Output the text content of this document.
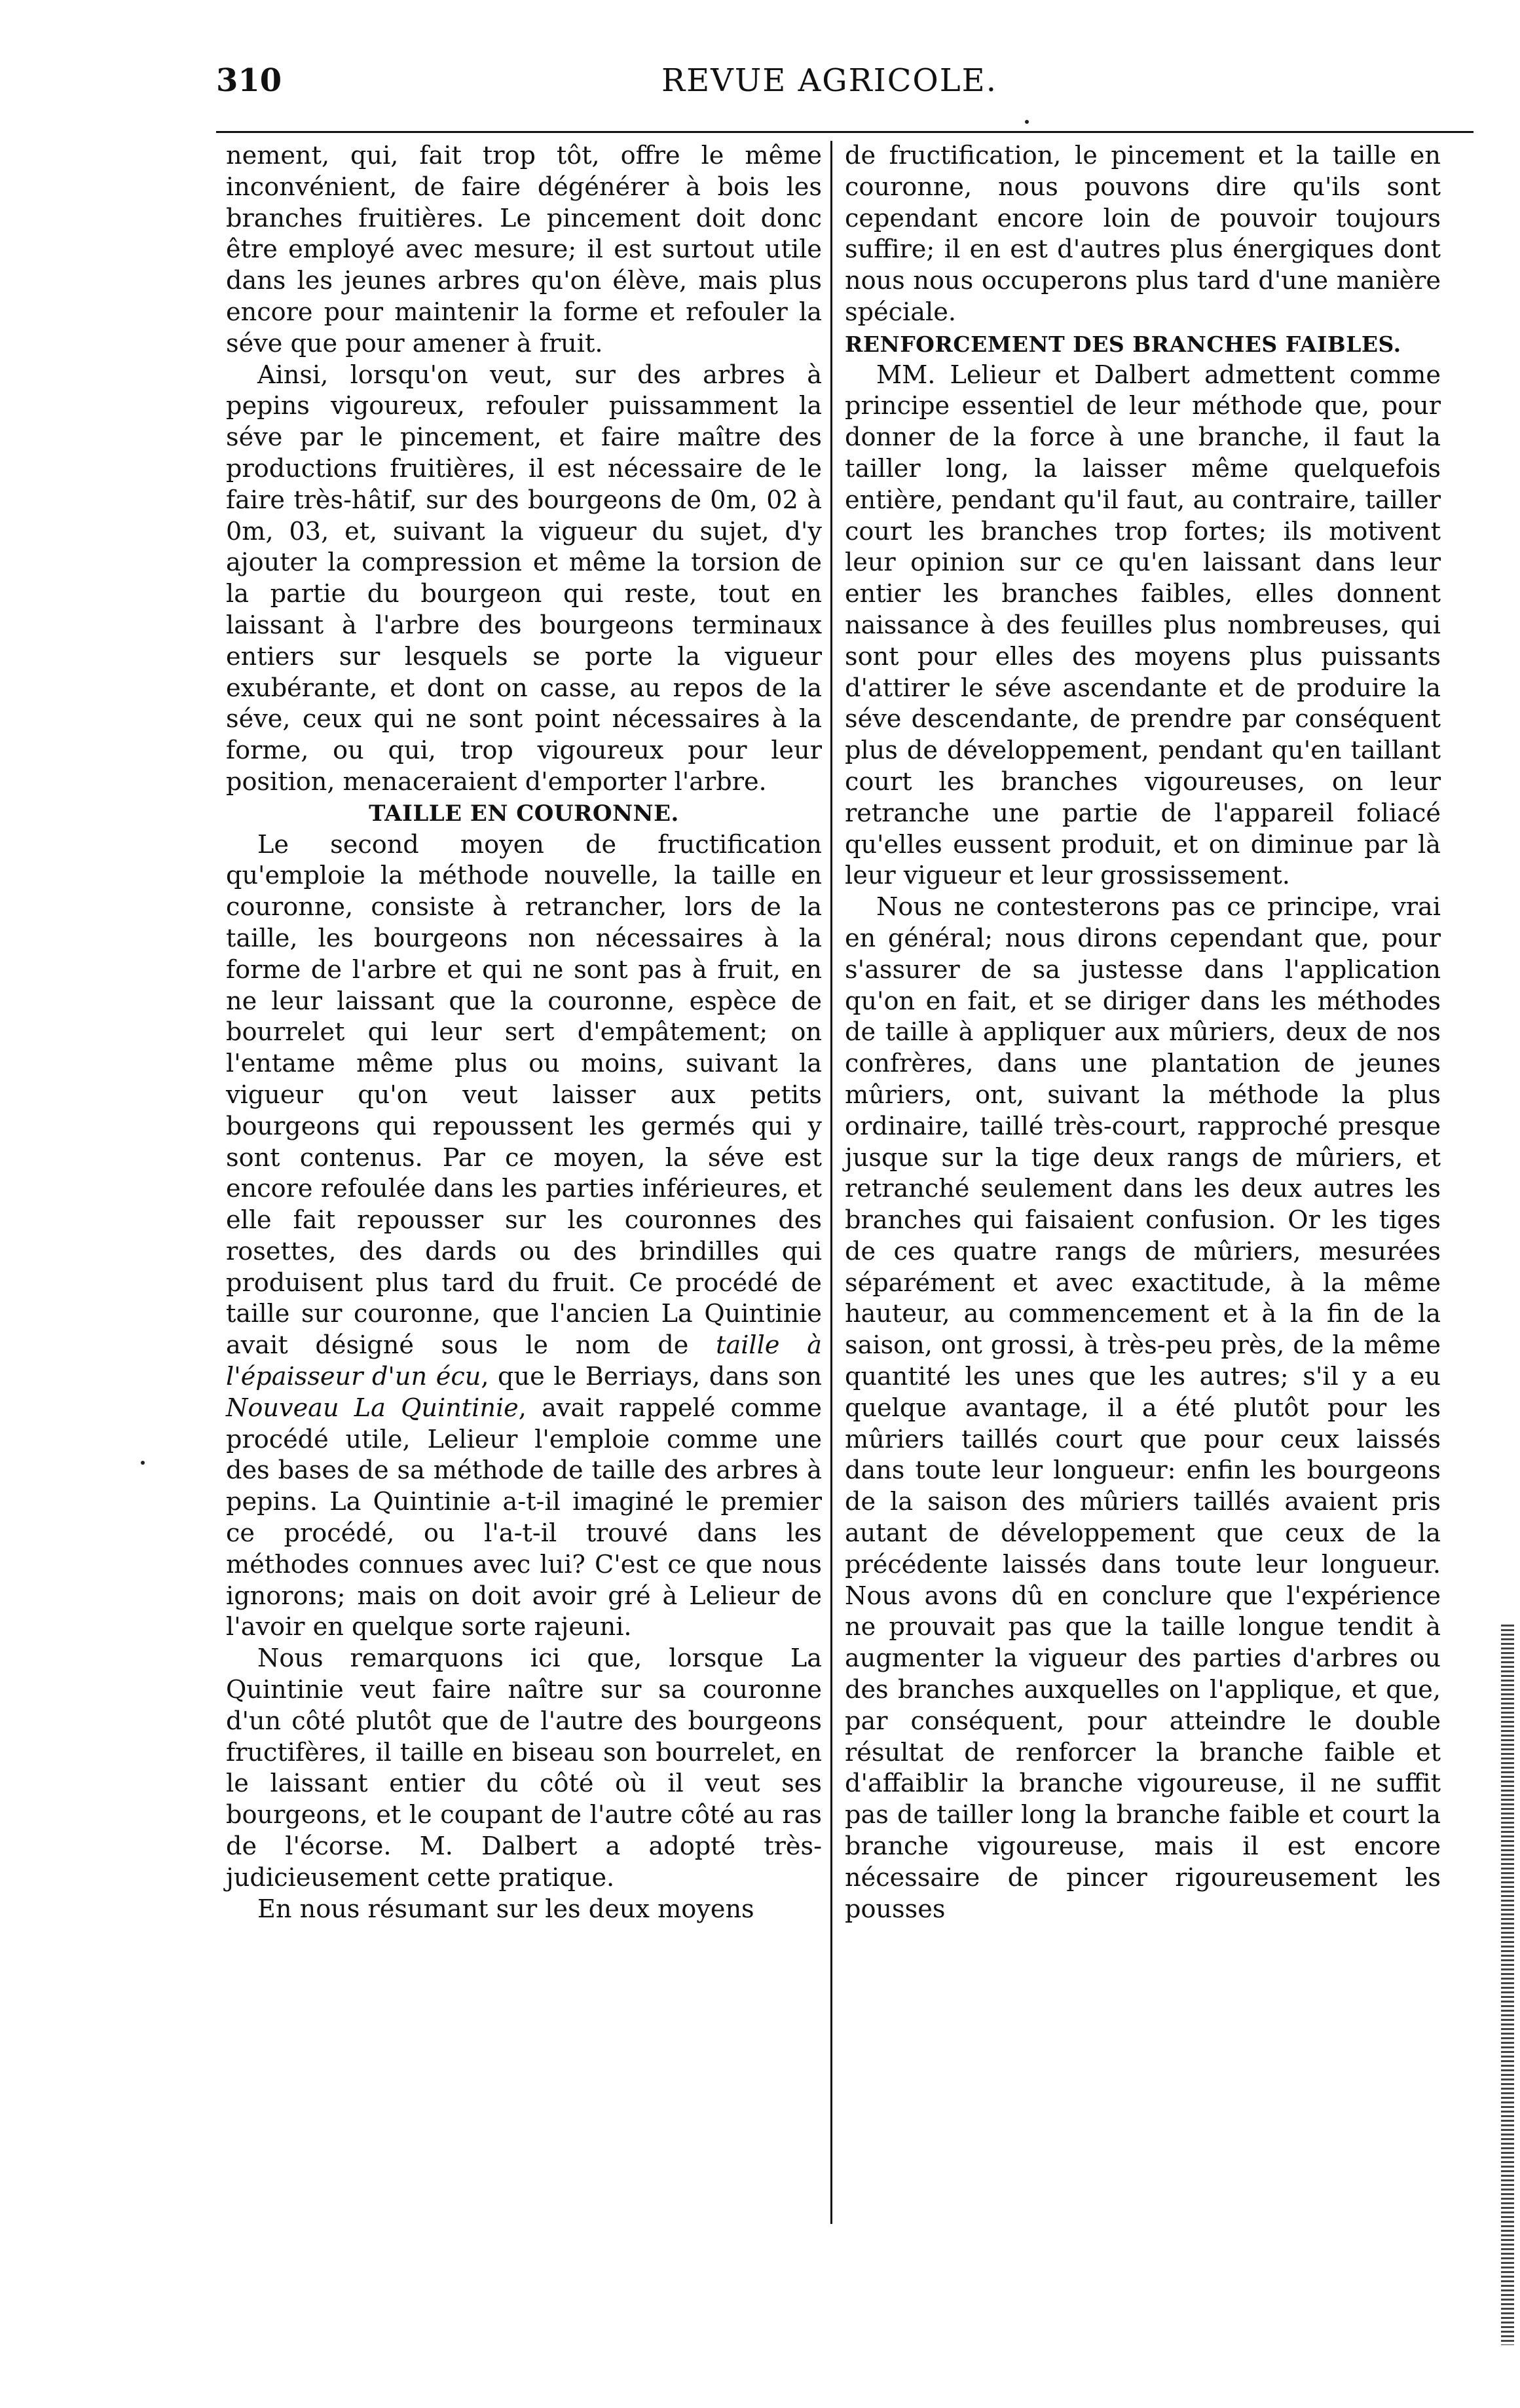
310	REVUE AGRICOLE.

nement, qui, fait trop tôt, offre le même inconvénient, de faire dégénérer à bois les branches fruitières. Le pincement doit donc être employé avec mesure; il est surtout utile dans les jeunes arbres qu'on élève, mais plus encore pour maintenir la forme et refouler la séve que pour amener à fruit.

Ainsi, lorsqu'on veut, sur des arbres à pepins vigoureux, refouler puissamment la séve par le pincement, et faire maître des productions fruitières, il est nécessaire de le faire très-hâtif, sur des bourgeons de 0m, 02 à 0m, 03, et, suivant la vigueur du sujet, d'y ajouter la compression et même la torsion de la partie du bourgeon qui reste, tout en laissant à l'arbre des bourgeons terminaux entiers sur lesquels se porte la vigueur exubérante, et dont on casse, au repos de la séve, ceux qui ne sont point nécessaires à la forme, ou qui, trop vigoureux pour leur position, menaceraient d'emporter l'arbre.

TAILLE EN COURONNE.

Le second moyen de fructification qu'emploie la méthode nouvelle, la taille en couronne, consiste à retrancher, lors de la taille, les bourgeons non nécessaires à la forme de l'arbre et qui ne sont pas à fruit, en ne leur laissant que la couronne, espèce de bourrelet qui leur sert d'empâtement; on l'entame même plus ou moins, suivant la vigueur qu'on veut laisser aux petits bourgeons qui repoussent les germés qui y sont contenus. Par ce moyen, la séve est encore refoulée dans les parties inférieures, et elle fait repousser sur les couronnes des rosettes, des dards ou des brindilles qui produisent plus tard du fruit. Ce procédé de taille sur couronne, que l'ancien La Quintinie avait désigné sous le nom de taille à l'épaisseur d'un écu, que le Berriays, dans son Nouveau La Quintinie, avait rappelé comme procédé utile, Lelieur l'emploie comme une des bases de sa méthode de taille des arbres à pepins. La Quintinie a-t-il imaginé le premier ce procédé, ou l'a-t-il trouvé dans les méthodes connues avec lui? C'est ce que nous ignorons; mais on doit avoir gré à Lelieur de l'avoir en quelque sorte rajeuni.

Nous remarquons ici que, lorsque La Quintinie veut faire naître sur sa couronne d'un côté plutôt que de l'autre des bourgeons fructifères, il taille en biseau son bourrelet, en le laissant entier du côté où il veut ses bourgeons, et le coupant de l'autre côté au ras de l'écorse. M. Dalbert a adopté très-judicieusement cette pratique.

En nous résumant sur les deux moyens

de fructification, le pincement et la taille en couronne, nous pouvons dire qu'ils sont cependant encore loin de pouvoir toujours suffire; il en est d'autres plus énergiques dont nous nous occuperons plus tard d'une manière spéciale.

RENFORCEMENT DES BRANCHES FAIBLES.

MM. Lelieur et Dalbert admettent comme principe essentiel de leur méthode que, pour donner de la force à une branche, il faut la tailler long, la laisser même quelquefois entière, pendant qu'il faut, au contraire, tailler court les branches trop fortes; ils motivent leur opinion sur ce qu'en laissant dans leur entier les branches faibles, elles donnent naissance à des feuilles plus nombreuses, qui sont pour elles des moyens plus puissants d'attirer le séve ascendante et de produire la séve descendante, de prendre par conséquent plus de développement, pendant qu'en taillant court les branches vigoureuses, on leur retranche une partie de l'appareil foliacé qu'elles eussent produit, et on diminue par là leur vigueur et leur grossissement.

Nous ne contesterons pas ce principe, vrai en général; nous dirons cependant que, pour s'assurer de sa justesse dans l'application qu'on en fait, et se diriger dans les méthodes de taille à appliquer aux mûriers, deux de nos confrères, dans une plantation de jeunes mûriers, ont, suivant la méthode la plus ordinaire, taillé très-court, rapproché presque jusque sur la tige deux rangs de mûriers, et retranché seulement dans les deux autres les branches qui faisaient confusion. Or les tiges de ces quatre rangs de mûriers, mesurées séparément et avec exactitude, à la même hauteur, au commencement et à la fin de la saison, ont grossi, à très-peu près, de la même quantité les unes que les autres; s'il y a eu quelque avantage, il a été plutôt pour les mûriers taillés court que pour ceux laissés dans toute leur longueur: enfin les bourgeons de la saison des mûriers taillés avaient pris autant de développement que ceux de la précédente laissés dans toute leur longueur. Nous avons dû en conclure que l'expérience ne prouvait pas que la taille longue tendit à augmenter la vigueur des parties d'arbres ou des branches auxquelles on l'applique, et que, par conséquent, pour atteindre le double résultat de renforcer la branche faible et d'affaiblir la branche vigoureuse, il ne suffit pas de tailler long la branche faible et court la branche vigoureuse, mais il est encore nécessaire de pincer rigoureusement les pousses
